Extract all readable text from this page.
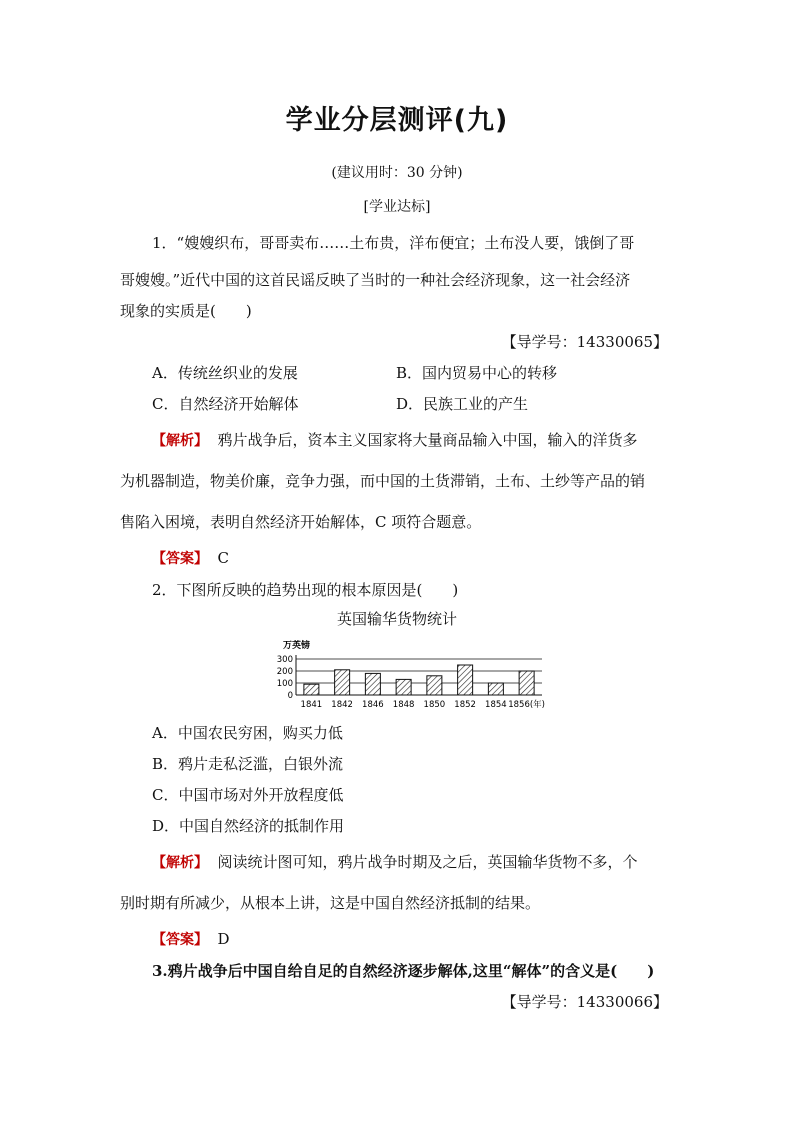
学业分层测评(九)
(建议用时：30 分钟)
[学业达标]
1．“嫂嫂织布，哥哥卖布……土布贵，洋布便宜；土布没人要，饿倒了哥
哥嫂嫂。”近代中国的这首民谣反映了当时的一种社会经济现象，这一社会经济
现象的实质是(　　)
【导学号：14330065】
A．传统丝织业的发展	B．国内贸易中心的转移
C．自然经济开始解体	D．民族工业的产生
【解析】 鸦片战争后，资本主义国家将大量商品输入中国，输入的洋货多
为机器制造，物美价廉，竞争力强，而中国的土货滞销，土布、土纱等产品的销
售陷入困境，表明自然经济开始解体，C 项符合题意。
【答案】 C
2．下图所反映的趋势出现的根本原因是(　　)
英国输华货物统计
万英镑
0
100
200
300
1841 1842 1846 1848 1850 1852 1854 1856(年)
A．中国农民穷困，购买力低
B．鸦片走私泛滥，白银外流
C．中国市场对外开放程度低
D．中国自然经济的抵制作用
【解析】 阅读统计图可知，鸦片战争时期及之后，英国输华货物不多，个
别时期有所减少，从根本上讲，这是中国自然经济抵制的结果。
【答案】 D
3.鸦片战争后中国自给自足的自然经济逐步解体,这里“解体”的含义是(　　)
【导学号：14330066】
